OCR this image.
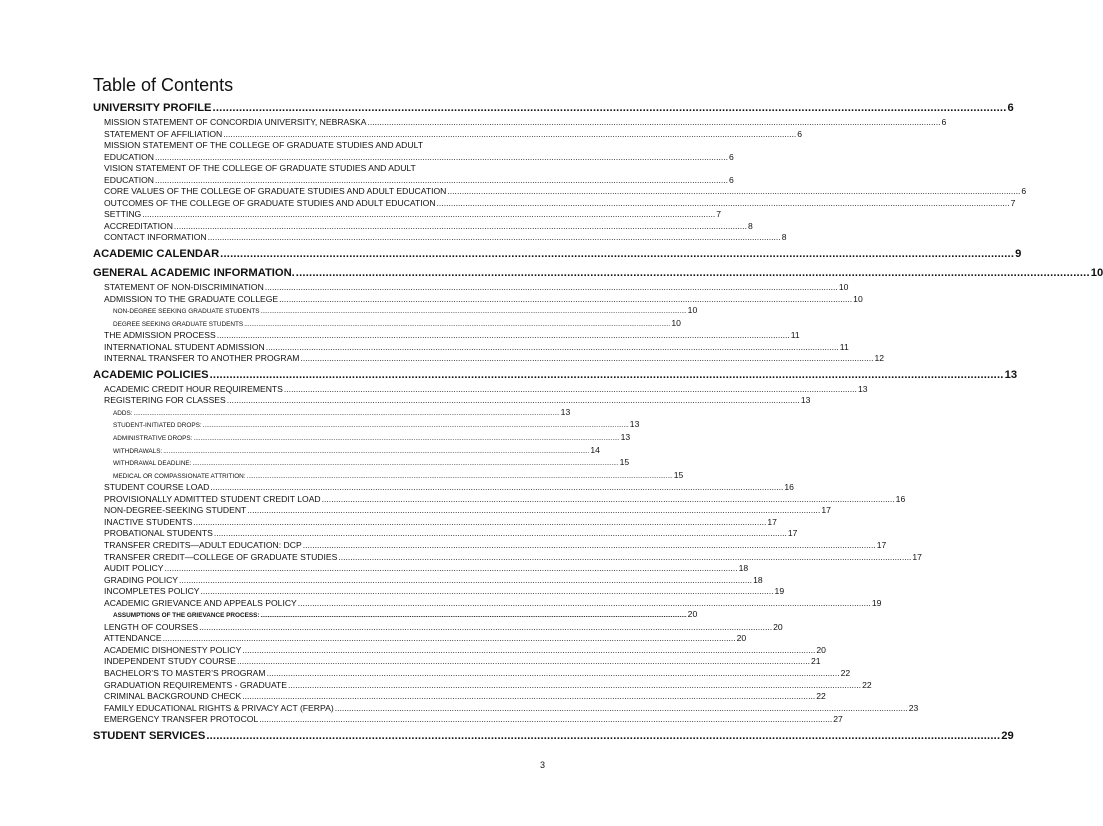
Table of Contents
UNIVERSITY PROFILE .....	6
MISSION STATEMENT OF CONCORDIA UNIVERSITY, NEBRASKA .....	6
STATEMENT OF AFFILIATION .....	6
MISSION STATEMENT OF THE COLLEGE OF GRADUATE STUDIES AND ADULT
EDUCATION .....	6
VISION STATEMENT OF THE COLLEGE OF GRADUATE STUDIES AND ADULT
EDUCATION .....	6
CORE VALUES OF THE COLLEGE OF GRADUATE STUDIES AND ADULT EDUCATION .....	6
OUTCOMES OF THE COLLEGE OF GRADUATE STUDIES AND ADULT EDUCATION .....	7
SETTING .....	7
ACCREDITATION .....	8
CONTACT INFORMATION .....	8
ACADEMIC CALENDAR .....	9
GENERAL ACADEMIC INFORMATION. .....	10
STATEMENT OF NON-DISCRIMINATION .....	10
ADMISSION TO THE GRADUATE COLLEGE .....	10
NON-DEGREE SEEKING GRADUATE STUDENTS .....	10
DEGREE SEEKING GRADUATE STUDENTS .....	10
THE ADMISSION PROCESS .....	11
INTERNATIONAL STUDENT ADMISSION .....	11
INTERNAL TRANSFER TO ANOTHER PROGRAM .....	12
ACADEMIC POLICIES .....	13
ACADEMIC CREDIT HOUR REQUIREMENTS .....	13
REGISTERING FOR CLASSES .....	13
ADDS: .....	13
STUDENT-INITIATED DROPS: .....	13
ADMINISTRATIVE DROPS: .....	13
WITHDRAWALS: .....	14
WITHDRAWAL DEADLINE: .....	15
MEDICAL OR COMPASSIONATE ATTRITION: .....	15
STUDENT COURSE LOAD .....	16
PROVISIONALLY ADMITTED STUDENT CREDIT LOAD .....	16
NON-DEGREE-SEEKING STUDENT .....	17
INACTIVE STUDENTS .....	17
PROBATIONAL STUDENTS .....	17
TRANSFER CREDITS—ADULT EDUCATION: DCP .....	17
TRANSFER CREDIT—COLLEGE OF GRADUATE STUDIES .....	17
AUDIT POLICY .....	18
GRADING POLICY .....	18
INCOMPLETES POLICY .....	19
ACADEMIC GRIEVANCE AND APPEALS POLICY .....	19
ASSUMPTIONS OF THE GRIEVANCE PROCESS: .....	20
LENGTH OF COURSES .....	20
ATTENDANCE .....	20
ACADEMIC DISHONESTY POLICY .....	20
INDEPENDENT STUDY COURSE .....	21
BACHELOR’S TO MASTER’S PROGRAM .....	22
GRADUATION REQUIREMENTS - GRADUATE .....	22
CRIMINAL BACKGROUND CHECK .....	22
FAMILY EDUCATIONAL RIGHTS & PRIVACY ACT (FERPA) .....	23
EMERGENCY TRANSFER PROTOCOL .....	27
STUDENT SERVICES .....	29
3
